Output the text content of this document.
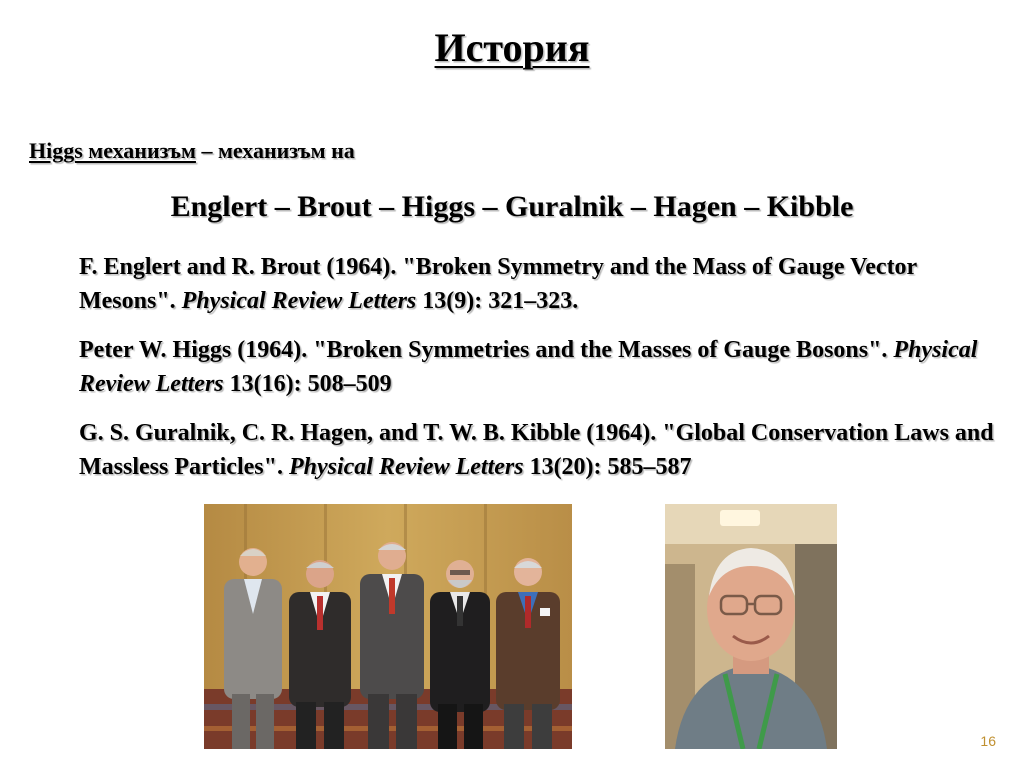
История
Higgs механизъм – механизъм на
Englert – Brout – Higgs – Guralnik – Hagen – Kibble
F. Englert and R. Brout (1964). "Broken Symmetry and the Mass of Gauge Vector Mesons". Physical Review Letters 13(9): 321–323.
Peter W. Higgs (1964). "Broken Symmetries and the Masses of Gauge Bosons". Physical Review Letters 13(16): 508–509
G. S. Guralnik, C. R. Hagen, and T. W. B. Kibble (1964). "Global Conservation Laws and Massless Particles". Physical Review Letters 13(20): 585–587
16
